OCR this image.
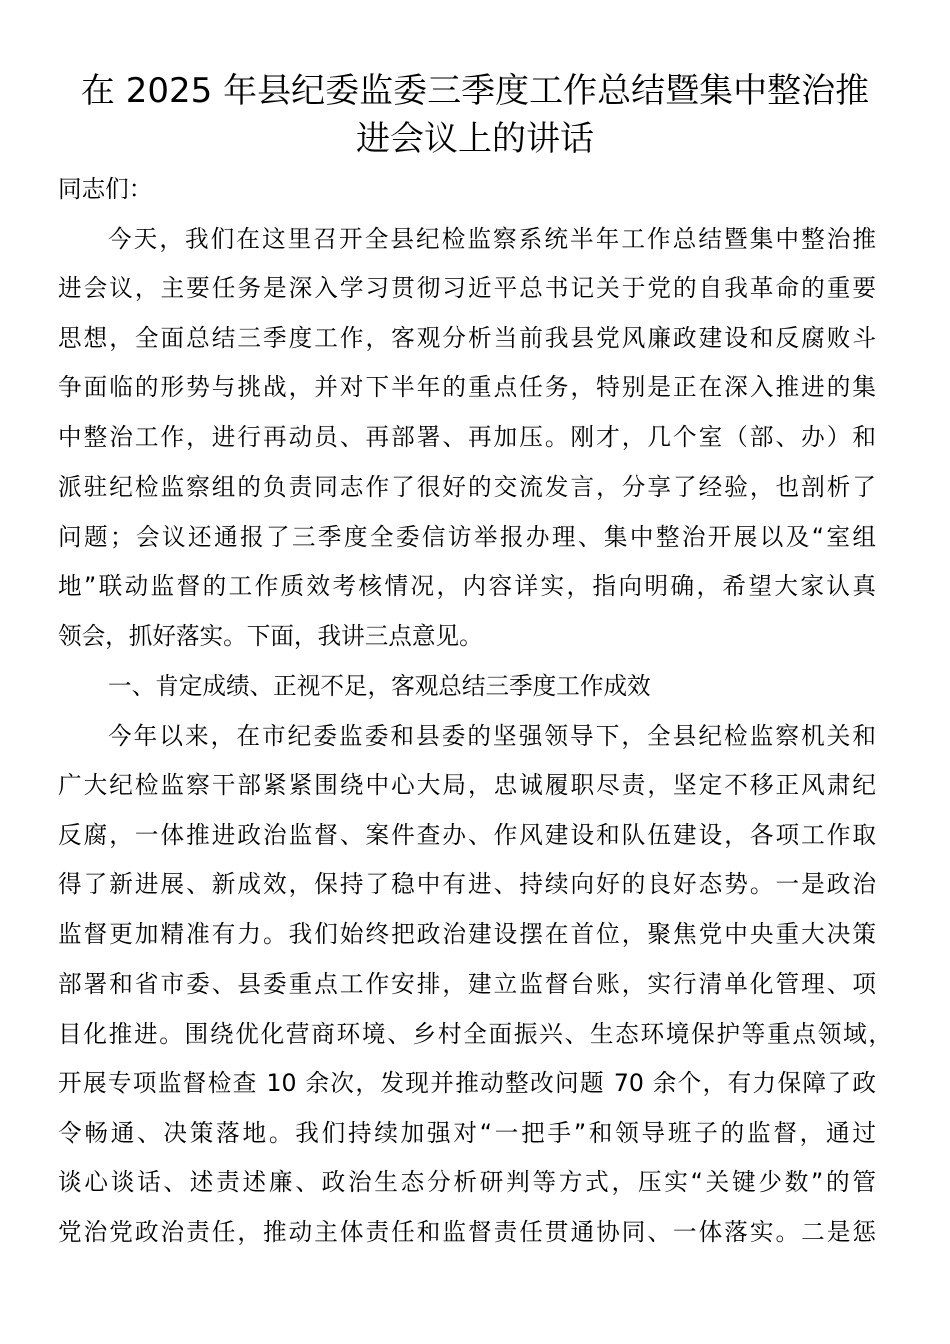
在 2025 年县纪委监委三季度工作总结暨集中整治推
进会议上的讲话

同志们：

今天，我们在这里召开全县纪检监察系统半年工作总结暨集中整治推

进会议，主要任务是深入学习贯彻习近平总书记关于党的自我革命的重要

思想，全面总结三季度工作，客观分析当前我县党风廉政建设和反腐败斗

争面临的形势与挑战，并对下半年的重点任务，特别是正在深入推进的集

中整治工作，进行再动员、再部署、再加压。刚才，几个室（部、办）和

派驻纪检监察组的负责同志作了很好的交流发言，分享了经验，也剖析了

问题；会议还通报了三季度全委信访举报办理、集中整治开展以及“室组

地”联动监督的工作质效考核情况，内容详实，指向明确，希望大家认真

领会，抓好落实。下面，我讲三点意见。

一、肯定成绩、正视不足，客观总结三季度工作成效

今年以来，在市纪委监委和县委的坚强领导下，全县纪检监察机关和

广大纪检监察干部紧紧围绕中心大局，忠诚履职尽责，坚定不移正风肃纪

反腐，一体推进政治监督、案件查办、作风建设和队伍建设，各项工作取

得了新进展、新成效，保持了稳中有进、持续向好的良好态势。一是政治

监督更加精准有力。我们始终把政治建设摆在首位，聚焦党中央重大决策

部署和省市委、县委重点工作安排，建立监督台账，实行清单化管理、项

目化推进。围绕优化营商环境、乡村全面振兴、生态环境保护等重点领域，

开展专项监督检查 10 余次，发现并推动整改问题 70 余个，有力保障了政

令畅通、决策落地。我们持续加强对“一把手”和领导班子的监督，通过

谈心谈话、述责述廉、政治生态分析研判等方式，压实“关键少数”的管

党治党政治责任，推动主体责任和监督责任贯通协同、一体落实。二是惩
